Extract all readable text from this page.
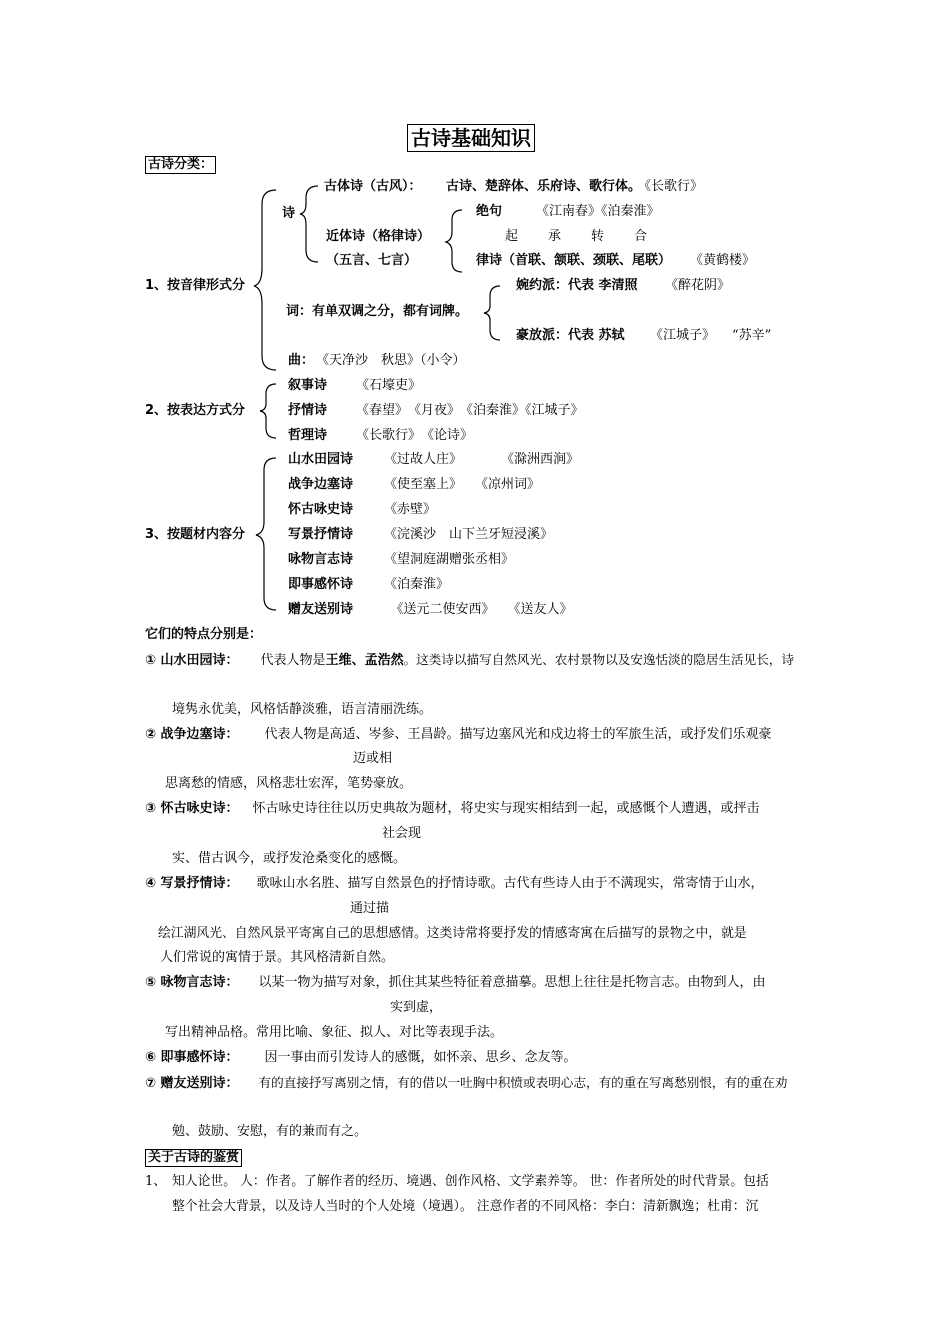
古诗基础知识
古诗分类：
1、按音律形式分
诗
古体诗（古风）： 古诗、楚辞体、乐府诗、歌行体。
《长歌行》
近体诗（格律诗）
（五言、七言）
绝句	《江南春》《泊秦淮》
起 承 转 合
律诗（首联、颔联、颈联、尾联） 《黄鹤楼》
婉约派：代表 李清照 《醉花阴》
词：有单双调之分，都有词牌。
豪放派：代表 苏轼 《江城子》 “苏辛”
曲： 《天净沙　秋思》（小令）
2、按表达方式分
叙事诗 《石壕吏》
抒情诗 《春望》　《月夜》　《泊秦淮》《江城子》
哲理诗 《长歌行》　《论诗》
3、按题材内容分
山水田园诗 《过故人庄》　　　　《滁洲西涧》
战争边塞诗 《使至塞上》　　《凉州词》
怀古咏史诗 《赤壁》
写景抒情诗 《浣溪沙　山下兰牙短浸溪》
咏物言志诗 《望洞庭湖赠张丞相》
即事感怀诗 《泊秦淮》
赠友送别诗 　《送元二使安西》　　《送友人》
它们的特点分别是：
① 山水田园诗： 代表人物是王维、孟浩然。这类诗以描写自然风光、农村景物以及安逸恬淡的隐居生活见长，诗
境隽永优美，风格恬静淡雅，语言清丽洗练。
② 战争边塞诗： 代表人物是高适、岑参、王昌龄。描写边塞风光和戍边将士的军旅生活，或抒发们乐观豪
迈或相
思离愁的情感，风格悲壮宏浑，笔势豪放。
③ 怀古咏史诗： 怀古咏史诗往往以历史典故为题材，将史实与现实相结到一起，或感慨个人遭遇，或抨击
社会现
实、借古讽今，或抒发沧桑变化的感慨。
④ 写景抒情诗： 歌咏山水名胜、描写自然景色的抒情诗歌。古代有些诗人由于不满现实，常寄情于山水，
通过描
绘江湖风光、自然风景平寄寓自己的思想感情。这类诗常将要抒发的情感寄寓在后描写的景物之中，就是
人们常说的寓情于景。其风格清新自然。
⑤ 咏物言志诗： 以某一物为描写对象，抓住其某些特征着意描摹。思想上往往是托物言志。由物到人，由
实到虚，
写出精神品格。常用比喻、象征、拟人、对比等表现手法。
⑥ 即事感怀诗： 因一事由而引发诗人的感慨，如怀亲、思乡、念友等。
⑦ 赠友送别诗： 有的直接抒写离别之情，有的借以一吐胸中积愤或表明心志，有的重在写离愁别恨，有的重在劝
勉、鼓励、安慰，有的兼而有之。
关于古诗的鉴赏
1、 知人论世。 人：作者。了解作者的经历、境遇、创作风格、文学素养等。 世：作者所处的时代背景。包括
整个社会大背景，以及诗人当时的个人处境（境遇）。 注意作者的不同风格：李白：清新飘逸；杜甫：沉
